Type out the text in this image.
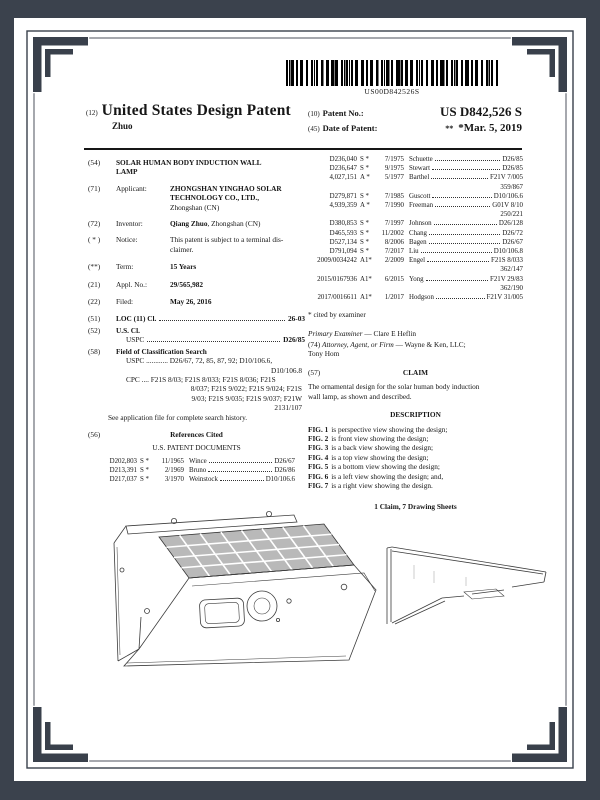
US00D842526S
(12) United States Design Patent
Zhuo
(10) Patent No.:	US D842,526 S
(45) Date of Patent:	** *Mar. 5, 2019
(54) SOLAR HUMAN BODY INDUCTION WALL
LAMP
(71) Applicant:	ZHONGSHAN YINGHAO SOLAR
TECHNOLOGY CO., LTD.,
Zhongshan (CN)
(72) Inventor:	Qiang Zhuo, Zhongshan (CN)
( * ) Notice:	This patent is subject to a terminal dis-
claimer.
(**) Term:	15 Years
(21) Appl. No.:	29/565,982
(22) Filed:	May 26, 2016
(51) LOC (11) Cl.	26-03
(52) U.S. Cl.
USPC	D26/85
(58) Field of Classification Search
USPC ............ D26/67, 72, 85, 87, 92; D10/106.6,
D10/106.8
CPC .... F21S 8/03; F21S 8/033; F21S 8/036; F21S
8/037; F21S 9/022; F21S 9/024; F21S
9/03; F21S 9/035; F21S 9/037; F21W
2131/107
See application file for complete search history.
(56)	References Cited
U.S. PATENT DOCUMENTS
D202,803 S *	11/1965 Wince	D26/67
D213,391 S *	2/1969 Bruno	D26/86
D217,037 S *	3/1970 Weinstock	D10/106.6
D236,040 S *	7/1975 Schuette	D26/85
D236,647 S *	9/1975 Stewart	D26/85
4,027,151 A *	5/1977 Barthel	F21V 7/005
359/867
D279,871 S *	7/1985 Guscott	D10/106.6
4,939,359 A *	7/1990 Freeman	G01V 8/10
250/221
D380,853 S *	7/1997 Johnson	D26/128
D465,593 S *	11/2002 Chang	D26/72
D527,134 S *	8/2006 Bagen	D26/67
D791,094 S *	7/2017 Liu	D10/106.8
2009/0034242 A1*	2/2009 Engel	F21S 8/033
362/147
2015/0167936 A1*	6/2015 Yong	F21V 29/83
362/190
2017/0016611 A1*	1/2017 Hodgson	F21V 31/005
* cited by examiner
Primary Examiner — Clare E Heflin
(74) Attorney, Agent, or Firm — Wayne & Ken, LLC;
Tony Hom
(57)	CLAIM
The ornamental design for the solar human body induction
wall lamp, as shown and described.
DESCRIPTION
FIG. 1 is perspective view showing the design;
FIG. 2 is front view showing the design;
FIG. 3 is a back view showing the design;
FIG. 4 is a top view showing the design;
FIG. 5 is a bottom view showing the design;
FIG. 6 is a left view showing the design; and,
FIG. 7 is a right view showing the design.
1 Claim, 7 Drawing Sheets
